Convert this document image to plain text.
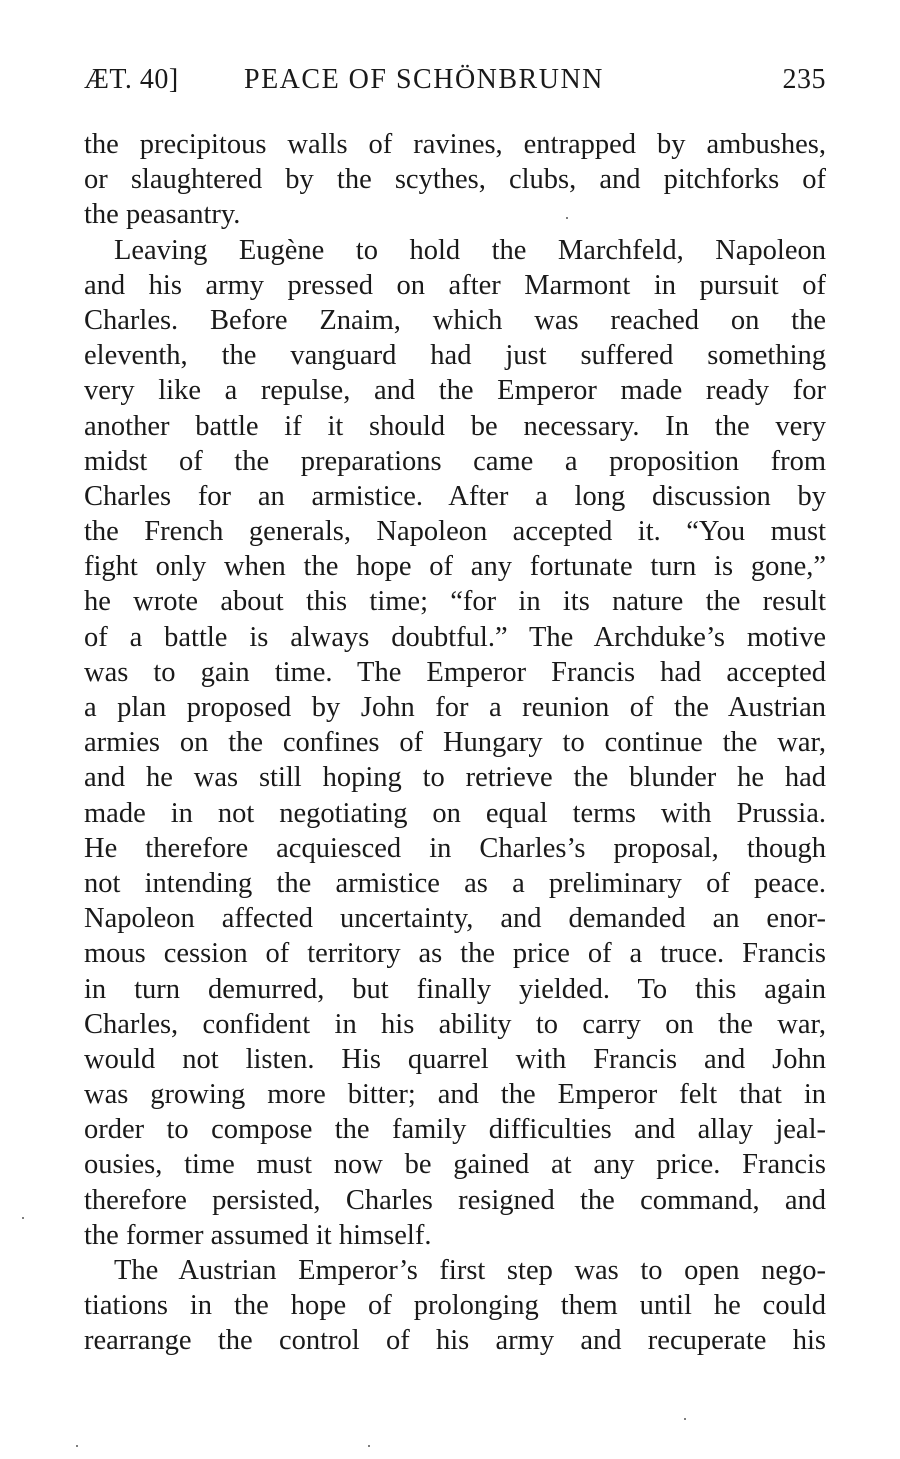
ÆT. 40] PEACE OF SCHÖNBRUNN	235
the precipitous walls of ravines, entrapped by ambushes,
or slaughtered by the scythes, clubs, and pitchforks of
the peasantry.
Leaving Eugène to hold the Marchfeld, Napoleon
and his army pressed on after Marmont in pursuit of
Charles. Before Znaim, which was reached on the
eleventh, the vanguard had just suffered something
very like a repulse, and the Emperor made ready for
another battle if it should be necessary. In the very
midst of the preparations came a proposition from
Charles for an armistice. After a long discussion by
the French generals, Napoleon accepted it. “You must
fight only when the hope of any fortunate turn is gone,”
he wrote about this time; “for in its nature the result
of a battle is always doubtful.” The Archduke’s motive
was to gain time. The Emperor Francis had accepted
a plan proposed by John for a reunion of the Austrian
armies on the confines of Hungary to continue the war,
and he was still hoping to retrieve the blunder he had
made in not negotiating on equal terms with Prussia.
He therefore acquiesced in Charles’s proposal, though
not intending the armistice as a preliminary of peace.
Napoleon affected uncertainty, and demanded an enor-
mous cession of territory as the price of a truce. Francis
in turn demurred, but finally yielded. To this again
Charles, confident in his ability to carry on the war,
would not listen. His quarrel with Francis and John
was growing more bitter; and the Emperor felt that in
order to compose the family difficulties and allay jeal-
ousies, time must now be gained at any price. Francis
therefore persisted, Charles resigned the command, and
the former assumed it himself.
The Austrian Emperor’s first step was to open nego-
tiations in the hope of prolonging them until he could
rearrange the control of his army and recuperate his
